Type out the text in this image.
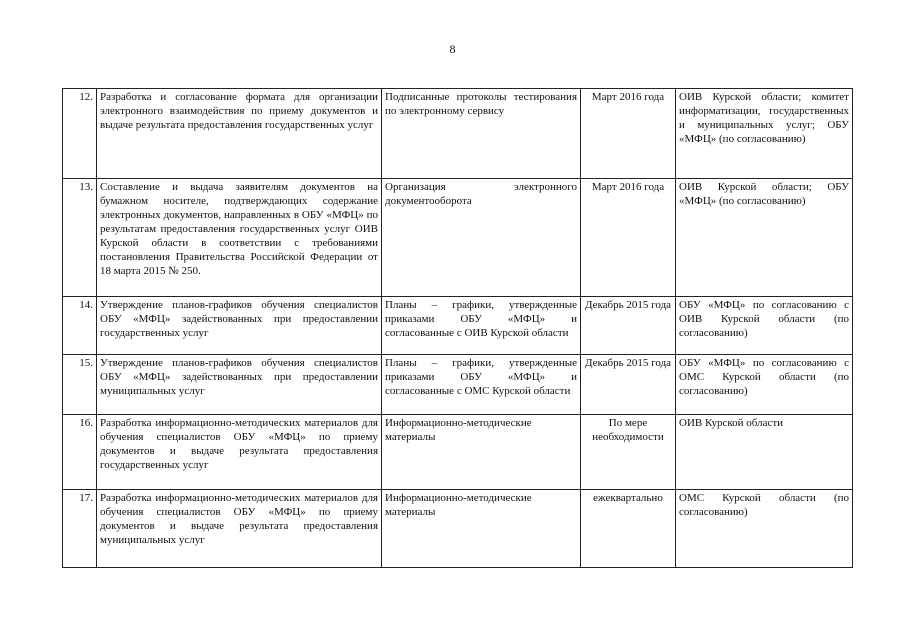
8
12.	Разработка и согласование формата для организации электронного взаимодействия по приему документов и выдаче результата предоставления государственных услуг	Подписанные протоколы тестирования по электронному сервису	Март 2016 года	ОИВ Курской области; комитет информатизации, государственных и муниципальных услуг; ОБУ «МФЦ» (по согласованию)
13.	Составление и выдача заявителям документов на бумажном носителе, подтверждающих содержание электронных документов, направленных в ОБУ «МФЦ» по результатам предоставления государственных услуг ОИВ Курской области в соответствии с требованиями постановления Правительства Российской Федерации от 18 марта 2015 № 250.	Организация электронного документооборота	Март 2016 года	ОИВ Курской области; ОБУ «МФЦ» (по согласованию)
14.	Утверждение планов-графиков обучения специалистов ОБУ «МФЦ» задействованных при предоставлении государственных услуг	Планы – графики, утвержденные приказами ОБУ «МФЦ» и согласованные с ОИВ Курской области	Декабрь 2015 года	ОБУ «МФЦ» по согласованию с ОИВ Курской области (по согласованию)
15.	Утверждение планов-графиков обучения специалистов ОБУ «МФЦ» задействованных при предоставлении муниципальных услуг	Планы – графики, утвержденные приказами ОБУ «МФЦ» и согласованные с ОМС Курской области	Декабрь 2015 года	ОБУ «МФЦ» по согласованию с ОМС Курской области (по согласованию)
16.	Разработка информационно-методических материалов для обучения специалистов ОБУ «МФЦ» по приему документов и выдаче результата предоставления государственных услуг	Информационно-методические материалы	По мере необходимости	ОИВ Курской области
17.	Разработка информационно-методических материалов для обучения специалистов ОБУ «МФЦ» по приему документов и выдаче результата предоставления муниципальных услуг	Информационно-методические материалы	ежеквартально	ОМС Курской области (по согласованию)
